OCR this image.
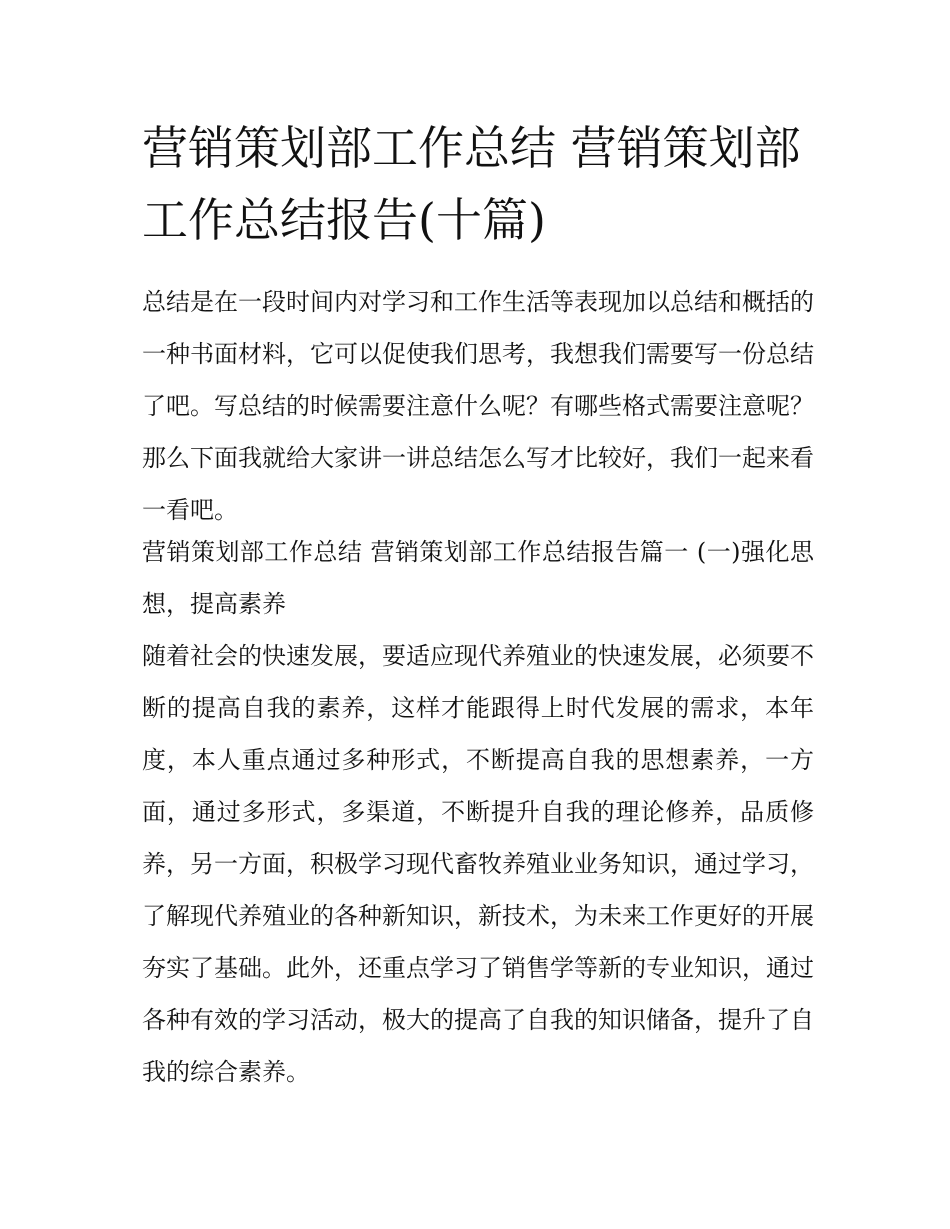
营销策划部工作总结 营销策划部工作总结报告(十篇)

总结是在一段时间内对学习和工作生活等表现加以总结和概括的一种书面材料，它可以促使我们思考，我想我们需要写一份总结了吧。写总结的时候需要注意什么呢？有哪些格式需要注意呢？那么下面我就给大家讲一讲总结怎么写才比较好，我们一起来看一看吧。

营销策划部工作总结 营销策划部工作总结报告篇一 (一)强化思想，提高素养

随着社会的快速发展，要适应现代养殖业的快速发展，必须要不断的提高自我的素养，这样才能跟得上时代发展的需求，本年度，本人重点通过多种形式，不断提高自我的思想素养，一方面，通过多形式，多渠道，不断提升自我的理论修养，品质修养，另一方面，积极学习现代畜牧养殖业业务知识，通过学习，了解现代养殖业的各种新知识，新技术，为未来工作更好的开展夯实了基础。此外，还重点学习了销售学等新的专业知识，通过各种有效的学习活动，极大的提高了自我的知识储备，提升了自我的综合素养。
